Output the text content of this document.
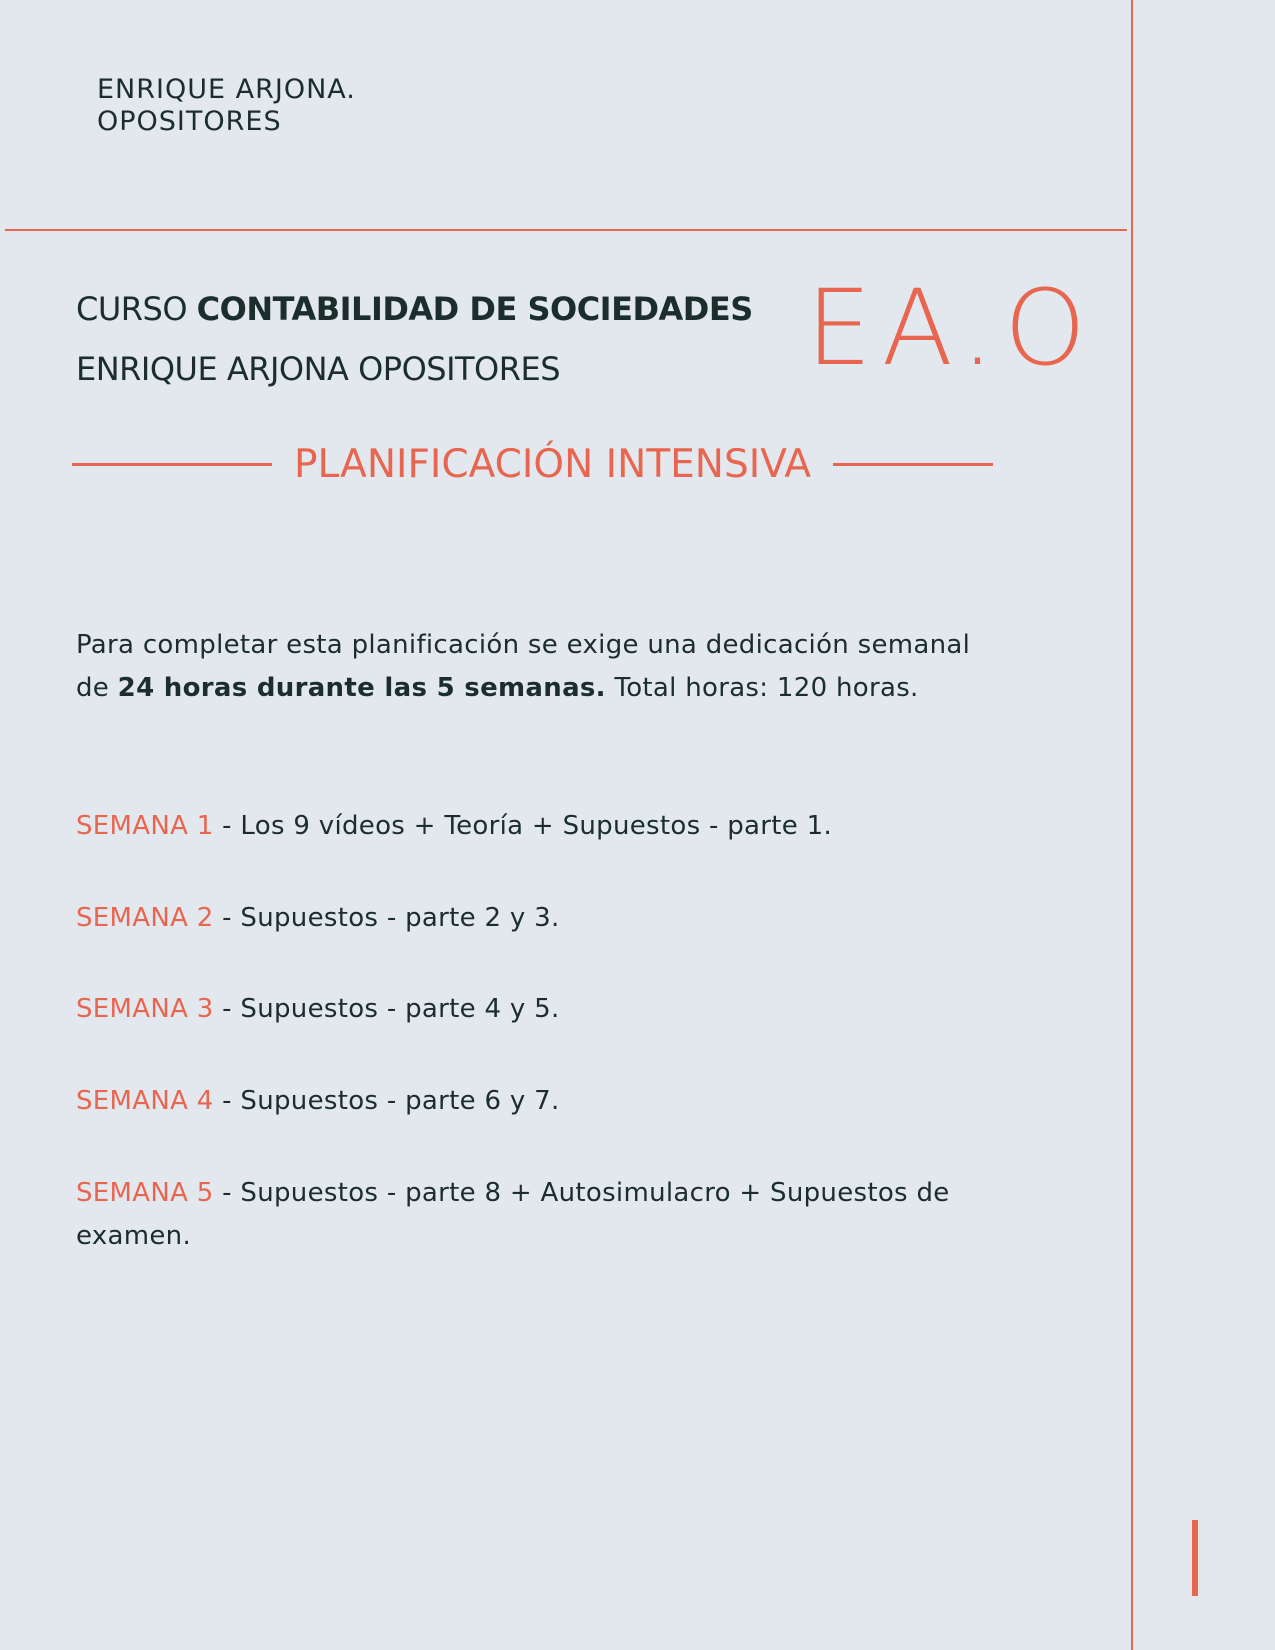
ENRIQUE ARJONA.
OPOSITORES
CURSO CONTABILIDAD DE SOCIEDADES
ENRIQUE ARJONA OPOSITORES	EA.O
PLANIFICACIÓN INTENSIVA
Para completar esta planificación se exige una dedicación semanal de 24 horas durante las 5 semanas. Total horas: 120 horas.
SEMANA 1 - Los 9 vídeos + Teoría + Supuestos - parte 1.
SEMANA 2 - Supuestos - parte 2 y 3.
SEMANA 3 - Supuestos - parte 4 y 5.
SEMANA 4 - Supuestos - parte 6 y 7.
SEMANA 5 - Supuestos - parte 8 + Autosimulacro + Supuestos de examen.
